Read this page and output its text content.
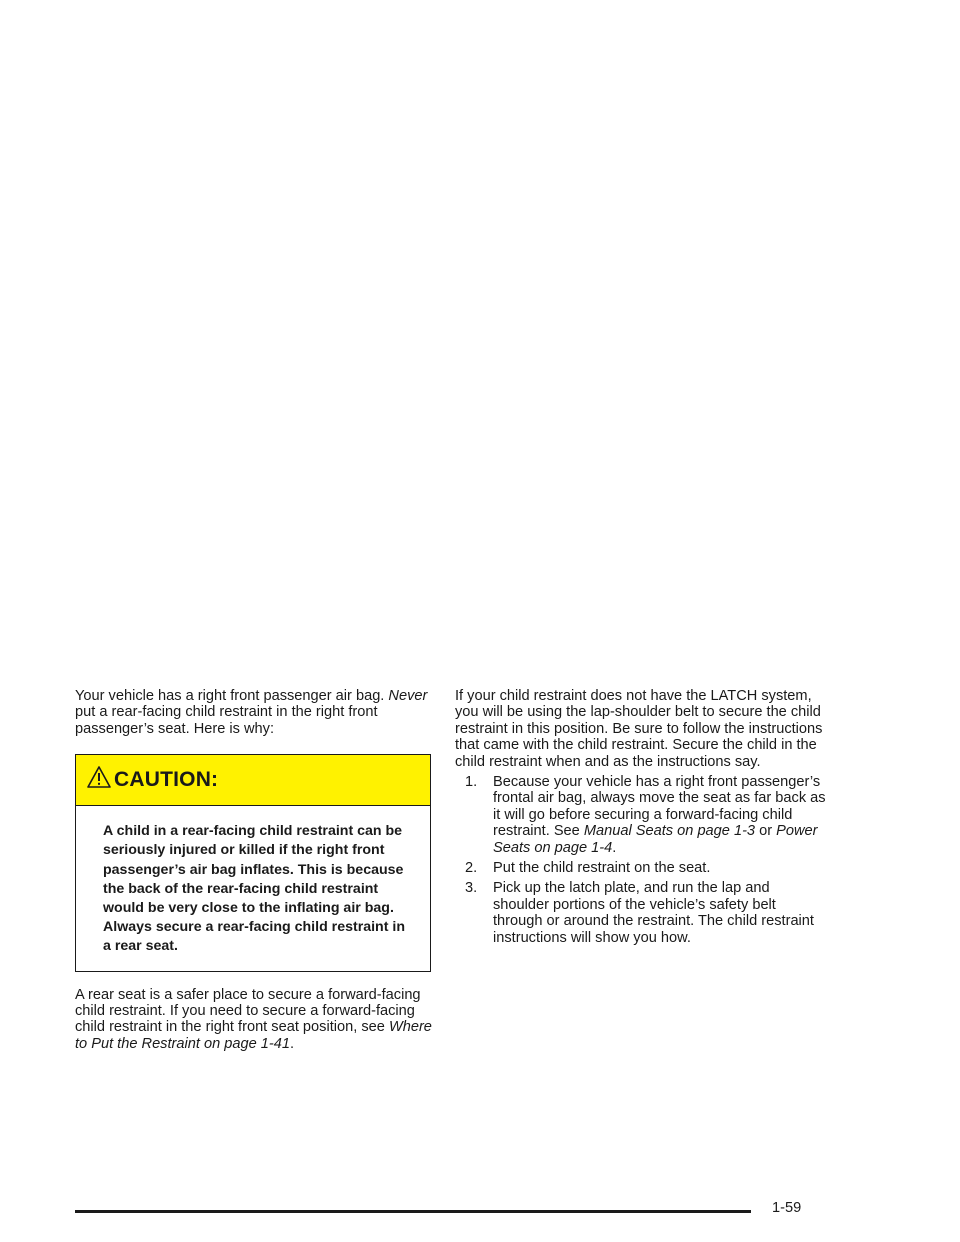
Your vehicle has a right front passenger air bag. Never put a rear-facing child restraint in the right front passenger’s seat. Here is why:

CAUTION:
A child in a rear-facing child restraint can be seriously injured or killed if the right front passenger’s air bag inflates. This is because the back of the rear-facing child restraint would be very close to the inflating air bag. Always secure a rear-facing child restraint in a rear seat.

A rear seat is a safer place to secure a forward-facing child restraint. If you need to secure a forward-facing child restraint in the right front seat position, see Where to Put the Restraint on page 1-41.

If your child restraint does not have the LATCH system, you will be using the lap-shoulder belt to secure the child restraint in this position. Be sure to follow the instructions that came with the child restraint. Secure the child in the child restraint when and as the instructions say.

1.	Because your vehicle has a right front passenger’s frontal air bag, always move the seat as far back as it will go before securing a forward-facing child restraint. See Manual Seats on page 1-3 or Power Seats on page 1-4.
2.	Put the child restraint on the seat.
3.	Pick up the latch plate, and run the lap and shoulder portions of the vehicle’s safety belt through or around the restraint. The child restraint instructions will show you how.
1-59
